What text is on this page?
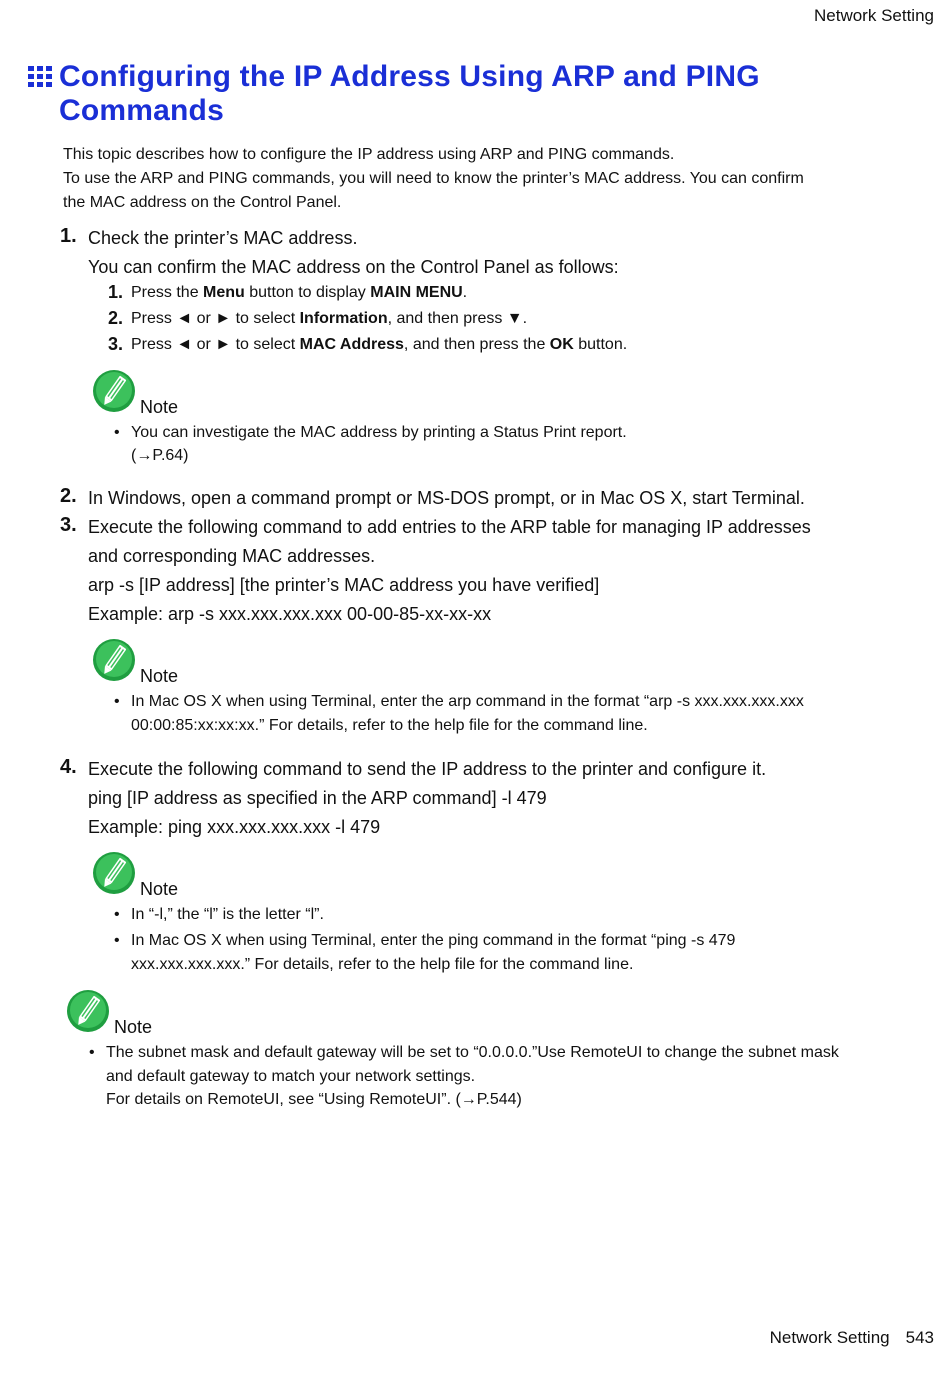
Network Setting
Configuring the IP Address Using ARP and PING
Commands
This topic describes how to configure the IP address using ARP and PING commands.
To use the ARP and PING commands, you will need to know the printer’s MAC address. You can confirm
the MAC address on the Control Panel.
1. Check the printer’s MAC address.
You can confirm the MAC address on the Control Panel as follows:
1. Press the Menu button to display MAIN MENU.
2. Press ◄ or ► to select Information, and then press ▼.
3. Press ◄ or ► to select MAC Address, and then press the OK button.
Note
• You can investigate the MAC address by printing a Status Print report.
(→P.64)
2. In Windows, open a command prompt or MS-DOS prompt, or in Mac OS X, start Terminal.
3. Execute the following command to add entries to the ARP table for managing IP addresses
and corresponding MAC addresses.
arp -s [IP address] [the printer’s MAC address you have verified]
Example: arp -s xxx.xxx.xxx.xxx 00-00-85-xx-xx-xx
Note
• In Mac OS X when using Terminal, enter the arp command in the format “arp -s xxx.xxx.xxx.xxx
00:00:85:xx:xx:xx.” For details, refer to the help file for the command line.
4. Execute the following command to send the IP address to the printer and configure it.
ping [IP address as specified in the ARP command] -l 479
Example: ping xxx.xxx.xxx.xxx -l 479
Note
• In “-l,” the “l” is the letter “l”.
• In Mac OS X when using Terminal, enter the ping command in the format “ping -s 479
xxx.xxx.xxx.xxx.” For details, refer to the help file for the command line.
Note
• The subnet mask and default gateway will be set to “0.0.0.0.”Use RemoteUI to change the subnet mask
and default gateway to match your network settings.
For details on RemoteUI, see “Using RemoteUI”. (→P.544)
Network Setting 543
